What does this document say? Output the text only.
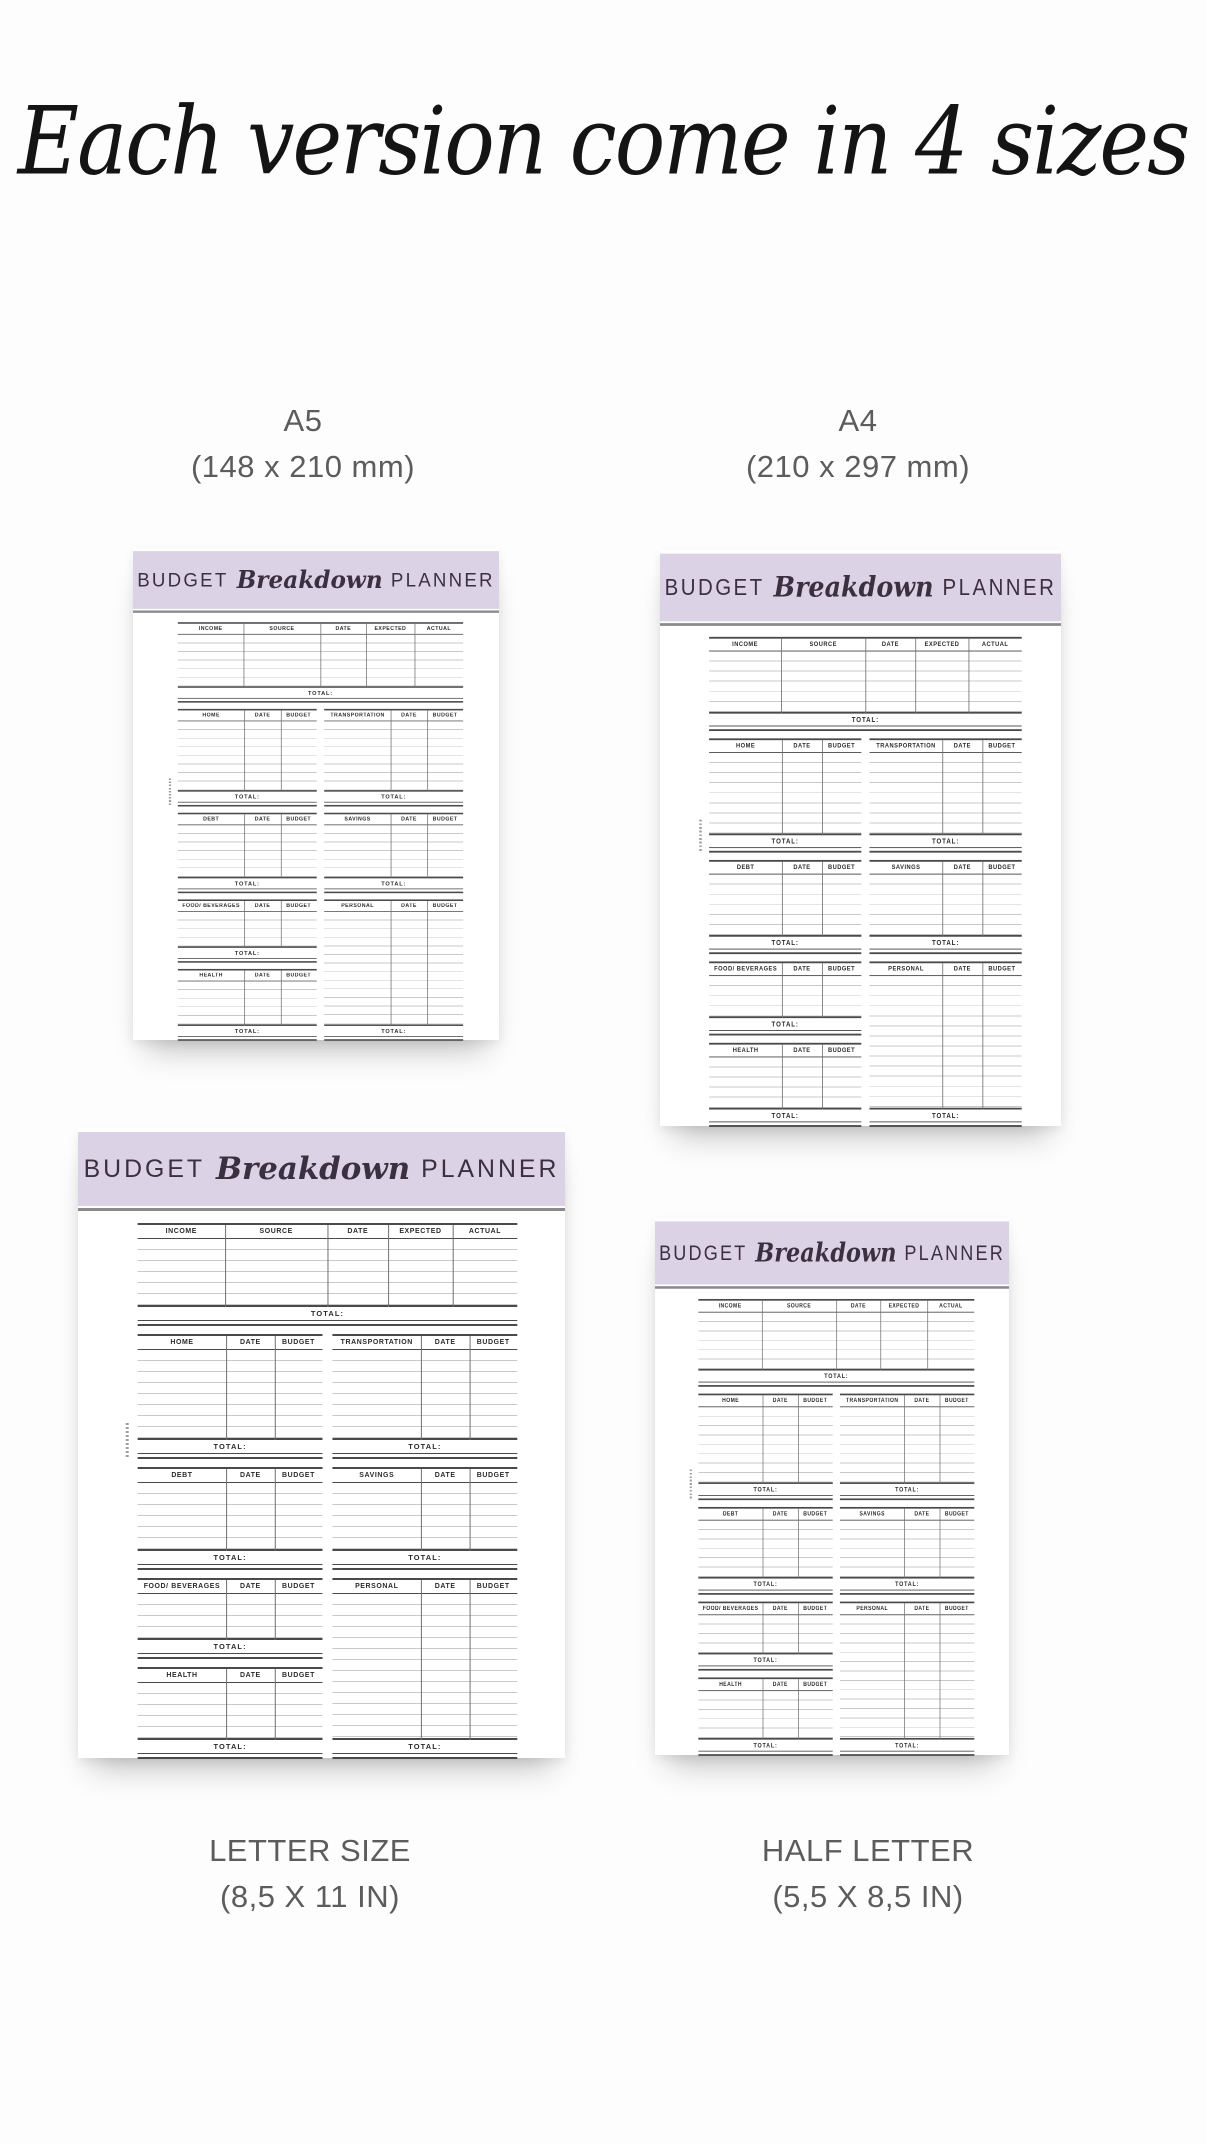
Each version come in 4 sizes
A5
(148 x 210 mm)
A4
(210 x 297 mm)
LETTER SIZE
(8,5 X 11 IN)
HALF LETTER
(5,5 X 8,5 IN)
BUDGET Breakdown PLANNER
INCOME	SOURCE	DATE	EXPECTED	ACTUAL
TOTAL:
HOME	DATE	BUDGET
TOTAL:
DEBT	DATE	BUDGET
TOTAL:
FOOD/ BEVERAGES	DATE	BUDGET
TOTAL:
HEALTH	DATE	BUDGET
TOTAL:
TRANSPORTATION	DATE	BUDGET
TOTAL:
SAVINGS	DATE	BUDGET
TOTAL:
PERSONAL	DATE	BUDGET
TOTAL:
BUDGET Breakdown PLANNER
INCOME	SOURCE	DATE	EXPECTED	ACTUAL
TOTAL:
HOME	DATE	BUDGET
TOTAL:
DEBT	DATE	BUDGET
TOTAL:
FOOD/ BEVERAGES	DATE	BUDGET
TOTAL:
HEALTH	DATE	BUDGET
TOTAL:
TRANSPORTATION	DATE	BUDGET
TOTAL:
SAVINGS	DATE	BUDGET
TOTAL:
PERSONAL	DATE	BUDGET
TOTAL:
BUDGET Breakdown PLANNER
INCOME	SOURCE	DATE	EXPECTED	ACTUAL
TOTAL:
HOME	DATE	BUDGET
TOTAL:
DEBT	DATE	BUDGET
TOTAL:
FOOD/ BEVERAGES	DATE	BUDGET
TOTAL:
HEALTH	DATE	BUDGET
TOTAL:
TRANSPORTATION	DATE	BUDGET
TOTAL:
SAVINGS	DATE	BUDGET
TOTAL:
PERSONAL	DATE	BUDGET
TOTAL:
BUDGET Breakdown PLANNER
INCOME	SOURCE	DATE	EXPECTED	ACTUAL
TOTAL:
HOME	DATE	BUDGET
TOTAL:
DEBT	DATE	BUDGET
TOTAL:
FOOD/ BEVERAGES	DATE	BUDGET
TOTAL:
HEALTH	DATE	BUDGET
TOTAL:
TRANSPORTATION	DATE	BUDGET
TOTAL:
SAVINGS	DATE	BUDGET
TOTAL:
PERSONAL	DATE	BUDGET
TOTAL:
